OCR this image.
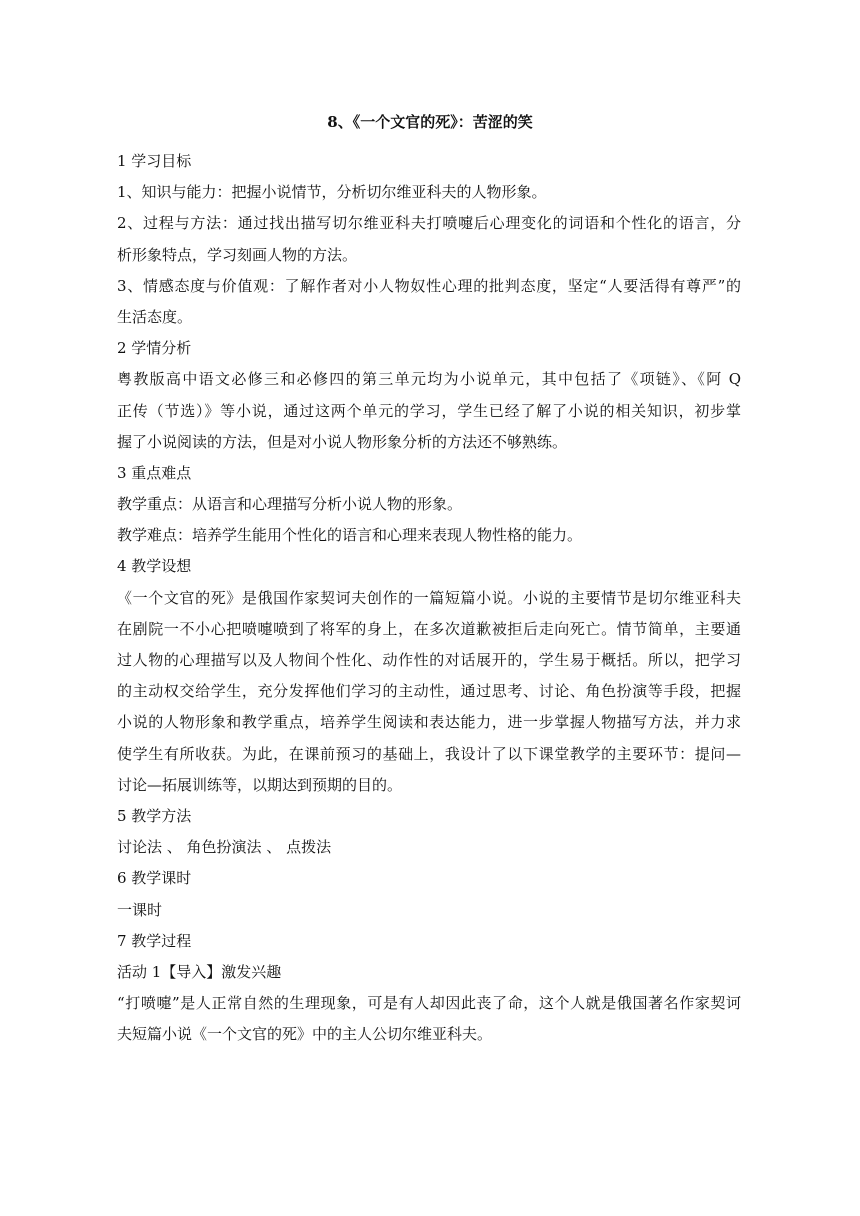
8、《一个文官的死》：苦涩的笑
1 学习目标
1、知识与能力：把握小说情节，分析切尔维亚科夫的人物形象。
2、过程与方法：通过找出描写切尔维亚科夫打喷嚏后心理变化的词语和个性化的语言，分
析形象特点，学习刻画人物的方法。
3、情感态度与价值观：了解作者对小人物奴性心理的批判态度，坚定“人要活得有尊严”的
生活态度。
2 学情分析
粤教版高中语文必修三和必修四的第三单元均为小说单元，其中包括了《项链》、《阿 Q
正传（节选）》等小说，通过这两个单元的学习，学生已经了解了小说的相关知识，初步掌
握了小说阅读的方法，但是对小说人物形象分析的方法还不够熟练。
3 重点难点
教学重点：从语言和心理描写分析小说人物的形象。
教学难点：培养学生能用个性化的语言和心理来表现人物性格的能力。
4 教学设想
《一个文官的死》是俄国作家契诃夫创作的一篇短篇小说。小说的主要情节是切尔维亚科夫
在剧院一不小心把喷嚏喷到了将军的身上，在多次道歉被拒后走向死亡。情节简单，主要通
过人物的心理描写以及人物间个性化、动作性的对话展开的，学生易于概括。所以，把学习
的主动权交给学生，充分发挥他们学习的主动性，通过思考、讨论、角色扮演等手段，把握
小说的人物形象和教学重点，培养学生阅读和表达能力，进一步掌握人物描写方法，并力求
使学生有所收获。为此，在课前预习的基础上，我设计了以下课堂教学的主要环节：提问—
讨论—拓展训练等，以期达到预期的目的。
5 教学方法
讨论法 、 角色扮演法 、 点拨法
6 教学课时
一课时
7 教学过程
活动 1【导入】激发兴趣
“打喷嚏”是人正常自然的生理现象，可是有人却因此丧了命，这个人就是俄国著名作家契诃
夫短篇小说《一个文官的死》中的主人公切尔维亚科夫。
